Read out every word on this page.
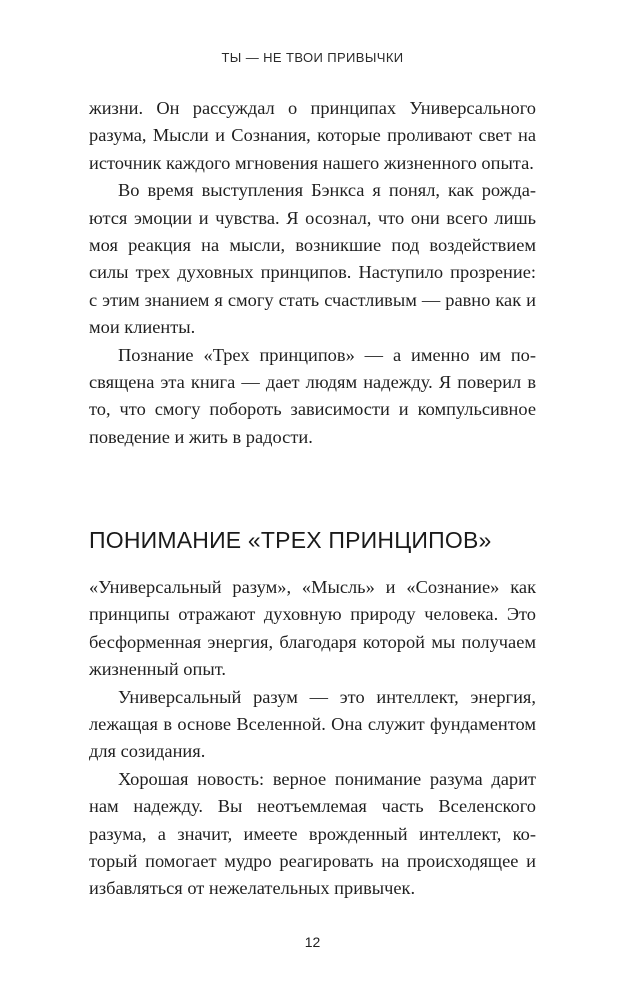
ТЫ — НЕ ТВОИ ПРИВЫЧКИ

жизни. Он рассуждал о принципах Универсального разума, Мысли и Сознания, которые проливают свет на источник каждого мгновения нашего жизненного опыта.

Во время выступления Бэнкса я понял, как рождаются эмоции и чувства. Я осознал, что они всего лишь моя реакция на мысли, возникшие под воздействием силы трех духовных принципов. Наступило прозрение: с этим знанием я смогу стать счастливым — равно как и мои клиенты.

Познание «Трех принципов» — а именно им посвящена эта книга — дает людям надежду. Я поверил в то, что смогу побороть зависимости и компульсивное поведение и жить в радости.

ПОНИМАНИЕ «ТРЕХ ПРИНЦИПОВ»

«Универсальный разум», «Мысль» и «Сознание» как принципы отражают духовную природу человека. Это бесформенная энергия, благодаря которой мы получаем жизненный опыт.

Универсальный разум — это интеллект, энергия, лежащая в основе Вселенной. Она служит фундаментом для созидания.

Хорошая новость: верное понимание разума дарит нам надежду. Вы неотъемлемая часть Вселенского разума, а значит, имеете врожденный интеллект, который помогает мудро реагировать на происходящее и избавляться от нежелательных привычек.

12
